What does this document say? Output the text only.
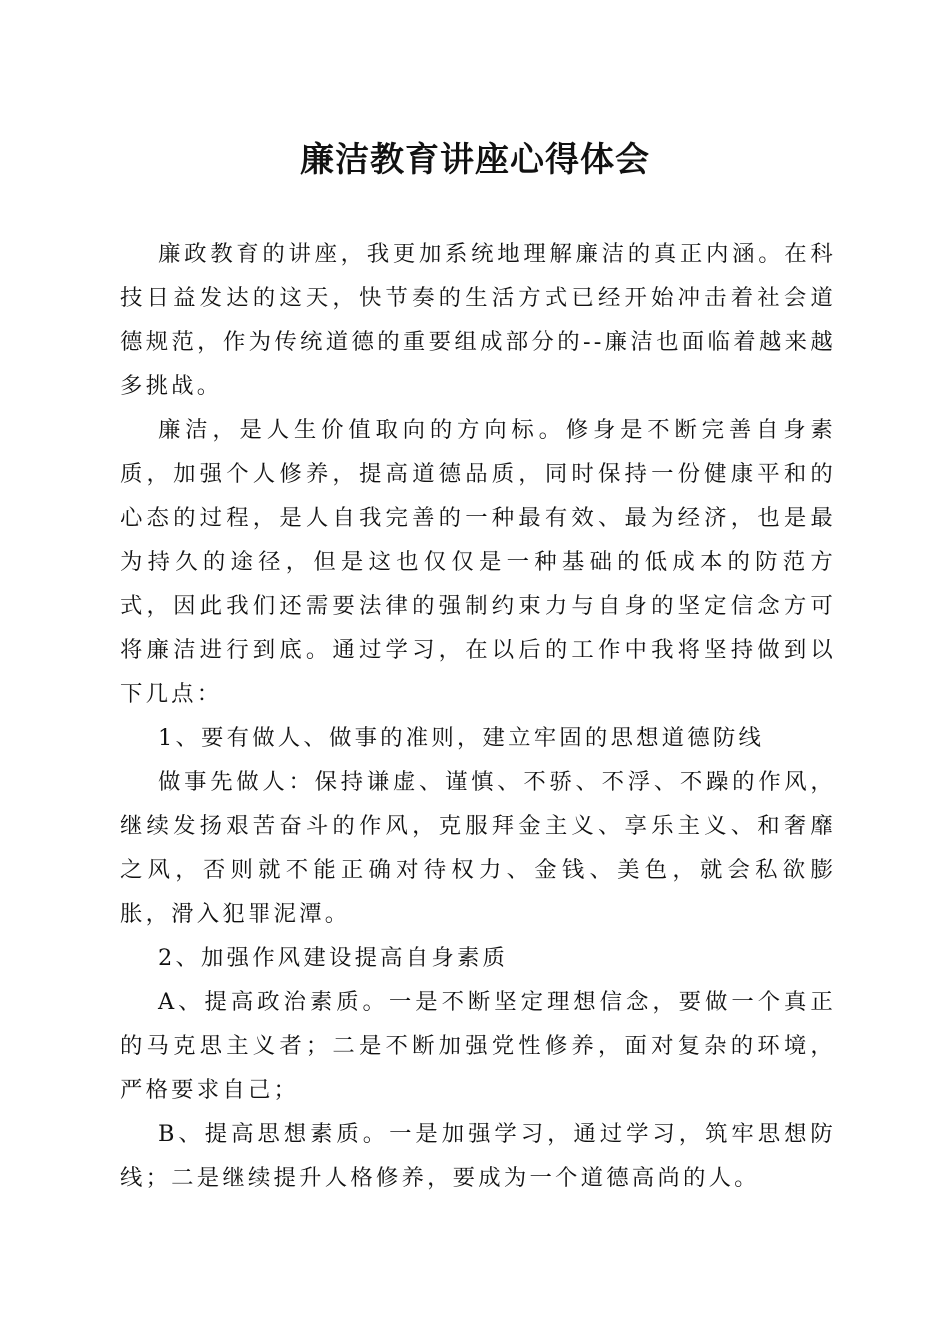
廉洁教育讲座心得体会

廉政教育的讲座，我更加系统地理解廉洁的真正内涵。在科技日益发达的这天，快节奏的生活方式已经开始冲击着社会道德规范，作为传统道德的重要组成部分的--廉洁也面临着越来越多挑战。

廉洁，是人生价值取向的方向标。修身是不断完善自身素质，加强个人修养，提高道德品质，同时保持一份健康平和的心态的过程，是人自我完善的一种最有效、最为经济，也是最为持久的途径，但是这也仅仅是一种基础的低成本的防范方式，因此我们还需要法律的强制约束力与自身的坚定信念方可将廉洁进行到底。通过学习，在以后的工作中我将坚持做到以下几点：

1、要有做人、做事的准则，建立牢固的思想道德防线

做事先做人：保持谦虚、谨慎、不骄、不浮、不躁的作风，继续发扬艰苦奋斗的作风，克服拜金主义、享乐主义、和奢靡之风，否则就不能正确对待权力、金钱、美色，就会私欲膨胀，滑入犯罪泥潭。

2、加强作风建设提高自身素质

A、提高政治素质。一是不断坚定理想信念，要做一个真正的马克思主义者；二是不断加强党性修养，面对复杂的环境，严格要求自己；

B、提高思想素质。一是加强学习，通过学习，筑牢思想防线；二是继续提升人格修养，要成为一个道德高尚的人。
